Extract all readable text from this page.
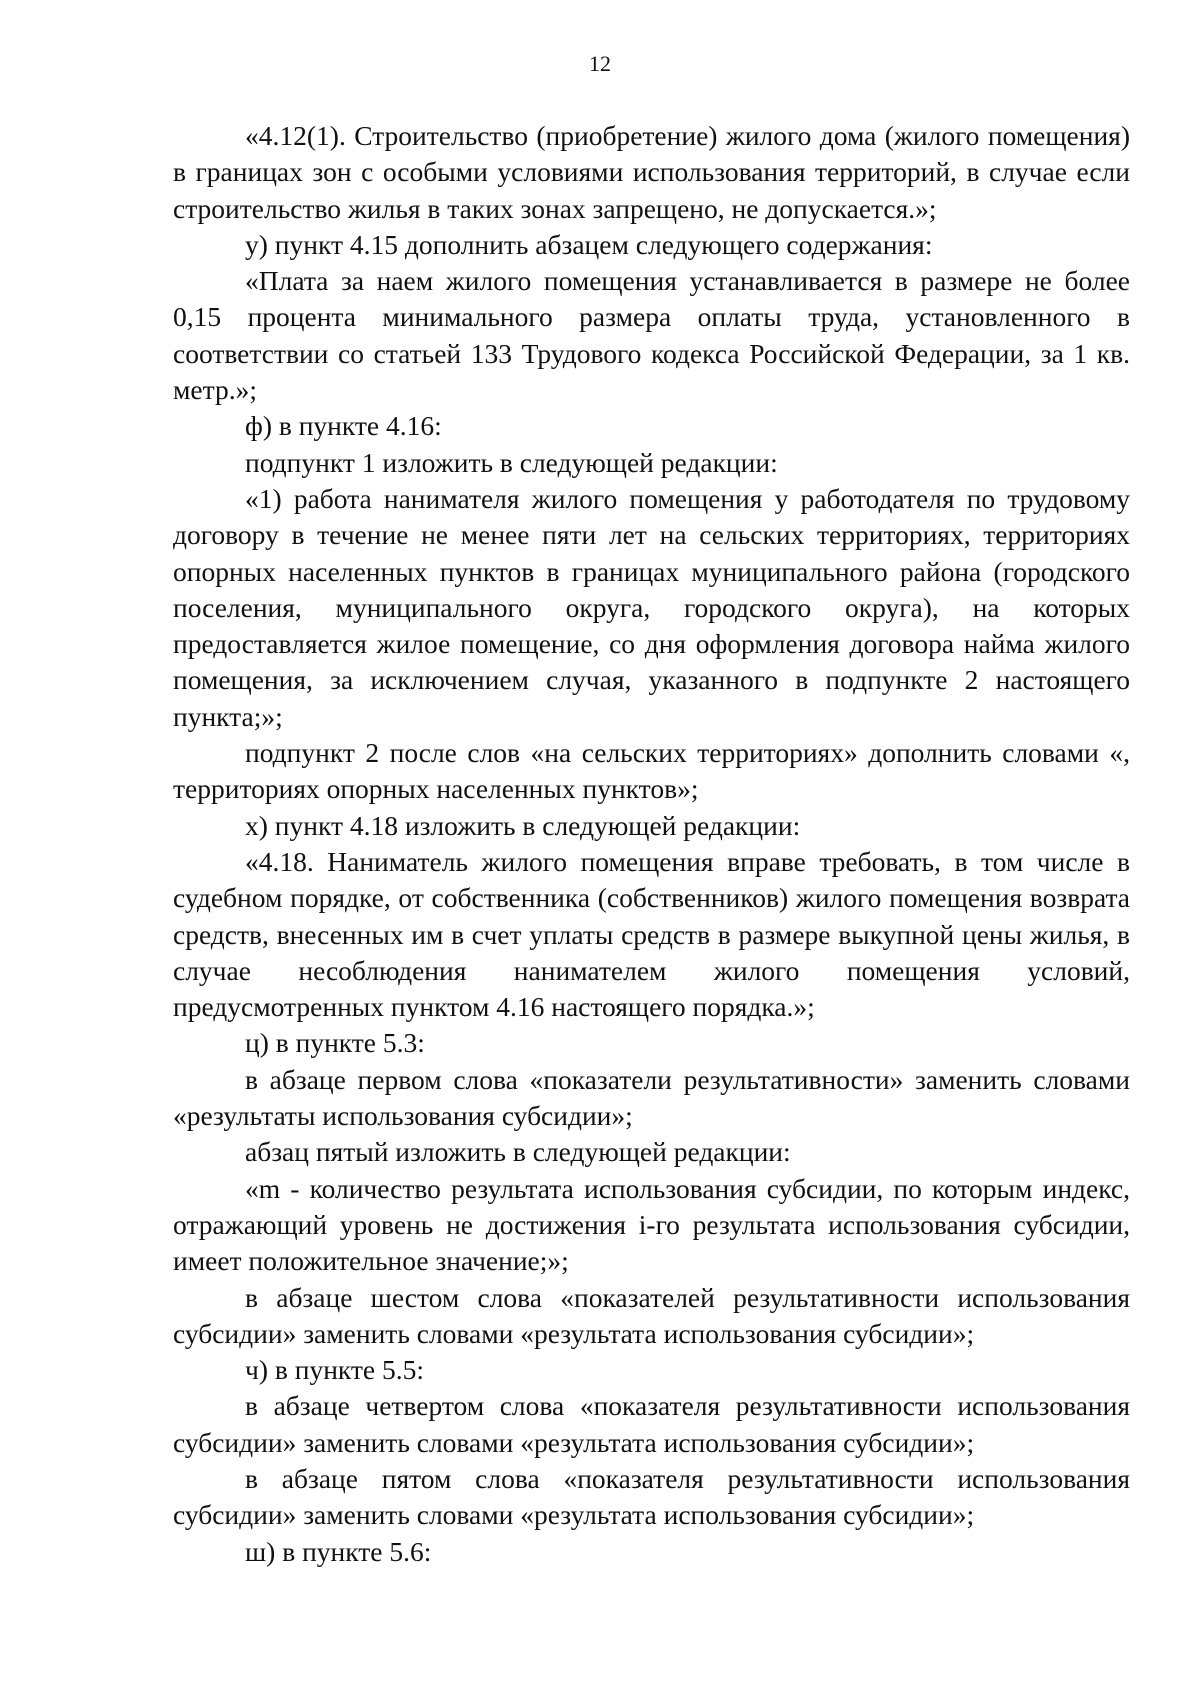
12

«4.12(1). Строительство (приобретение) жилого дома (жилого помещения) в границах зон с особыми условиями использования территорий, в случае если строительство жилья в таких зонах запрещено, не допускается.»;

у) пункт 4.15 дополнить абзацем следующего содержания:

«Плата за наем жилого помещения устанавливается в размере не более 0,15 процента минимального размера оплаты труда, установленного в соответствии со статьей 133 Трудового кодекса Российской Федерации, за 1 кв. метр.»;

ф) в пункте 4.16:

подпункт 1 изложить в следующей редакции:

«1) работа нанимателя жилого помещения у работодателя по трудовому договору в течение не менее пяти лет на сельских территориях, территориях опорных населенных пунктов в границах муниципального района (городского поселения, муниципального округа, городского округа), на которых предоставляется жилое помещение, со дня оформления договора найма жилого помещения, за исключением случая, указанного в подпункте 2 настоящего пункта;»;

подпункт 2 после слов «на сельских территориях» дополнить словами «, территориях опорных населенных пунктов»;

х) пункт 4.18 изложить в следующей редакции:

«4.18. Наниматель жилого помещения вправе требовать, в том числе в судебном порядке, от собственника (собственников) жилого помещения возврата средств, внесенных им в счет уплаты средств в размере выкупной цены жилья, в случае несоблюдения нанимателем жилого помещения условий, предусмотренных пунктом 4.16 настоящего порядка.»;

ц) в пункте 5.3:

в абзаце первом слова «показатели результативности» заменить словами «результаты использования субсидии»;

абзац пятый изложить в следующей редакции:

«m - количество результата использования субсидии, по которым индекс, отражающий уровень не достижения i-го результата использования субсидии, имеет положительное значение;»;

в абзаце шестом слова «показателей результативности использования субсидии» заменить словами «результата использования субсидии»;

ч) в пункте 5.5:

в абзаце четвертом слова «показателя результативности использования субсидии» заменить словами «результата использования субсидии»;

в абзаце пятом слова «показателя результативности использования субсидии» заменить словами «результата использования субсидии»;

ш) в пункте 5.6:
